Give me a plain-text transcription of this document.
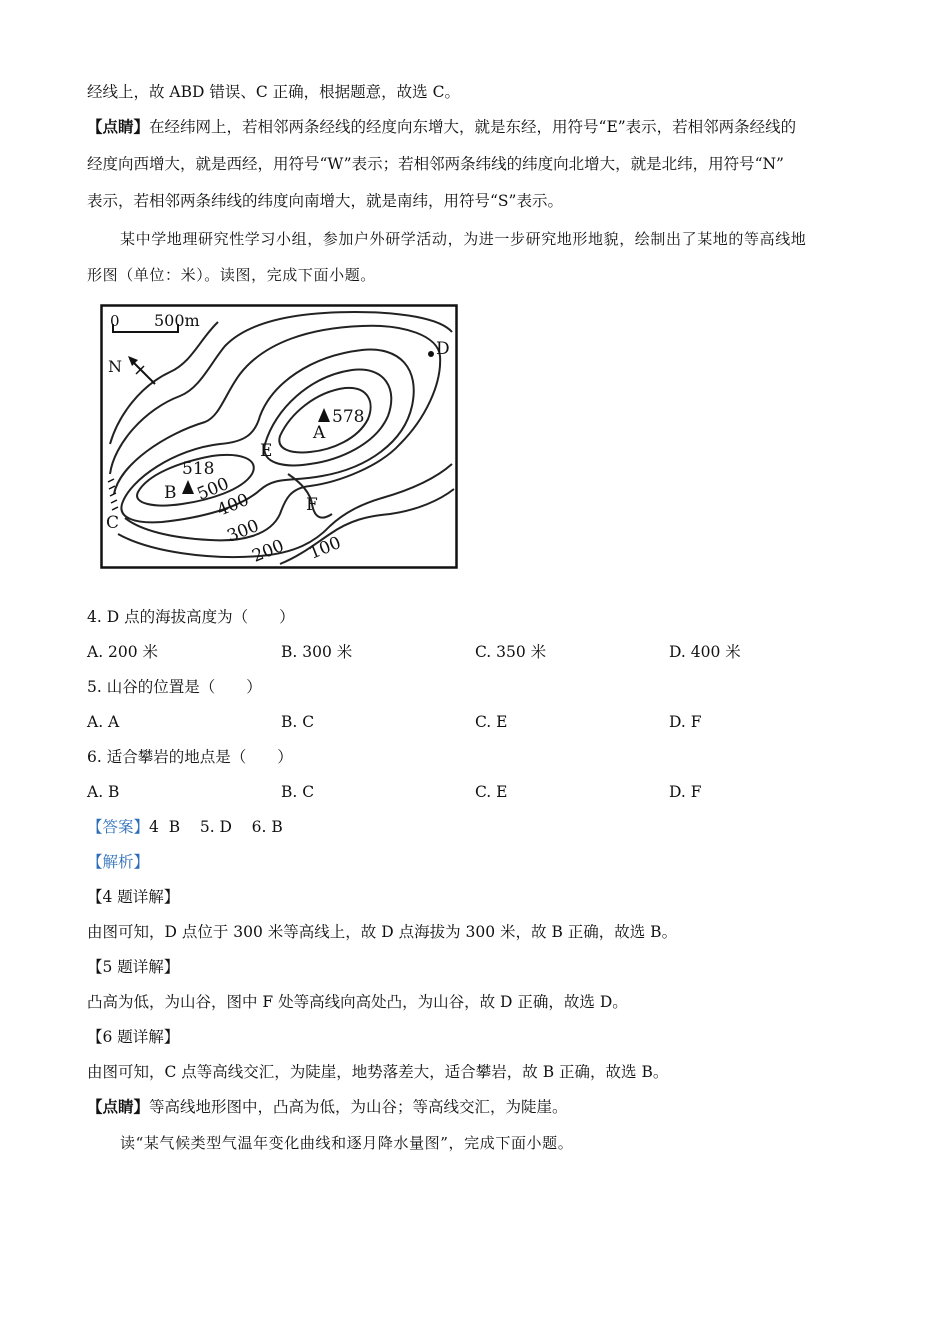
经线上，故 ABD 错误、C 正确，根据题意，故选 C。
【点睛】在经纬网上，若相邻两条经线的经度向东增大，就是东经，用符号“E”表示，若相邻两条经线的
经度向西增大，就是西经，用符号“W”表示；若相邻两条纬线的纬度向北增大，就是北纬，用符号“N”
表示，若相邻两条纬线的纬度向南增大，就是南纬，用符号“S”表示。
某中学地理研究性学习小组，参加户外研学活动，为进一步研究地形地貌，绘制出了某地的等高线地
形图（单位：米）。读图，完成下面小题。
0 500m
N
578
A
518
B
C
D
E
F
500
400
300
200 100
4. D 点的海拔高度为（　　）
A. 200 米	B. 300 米	C. 350 米	D. 400 米
5. 山谷的位置是（　　）
A. A	B. C	C. E	D. F
6. 适合攀岩的地点是（　　）
A. B	B. C	C. E	D. F
【答案】4  B    5. D    6. B
【解析】
【4 题详解】
由图可知，D 点位于 300 米等高线上，故 D 点海拔为 300 米，故 B 正确，故选 B。
【5 题详解】
凸高为低，为山谷，图中 F 处等高线向高处凸，为山谷，故 D 正确，故选 D。
【6 题详解】
由图可知，C 点等高线交汇，为陡崖，地势落差大，适合攀岩，故 B 正确，故选 B。
【点睛】等高线地形图中，凸高为低，为山谷；等高线交汇，为陡崖。
读“某气候类型气温年变化曲线和逐月降水量图”，完成下面小题。
